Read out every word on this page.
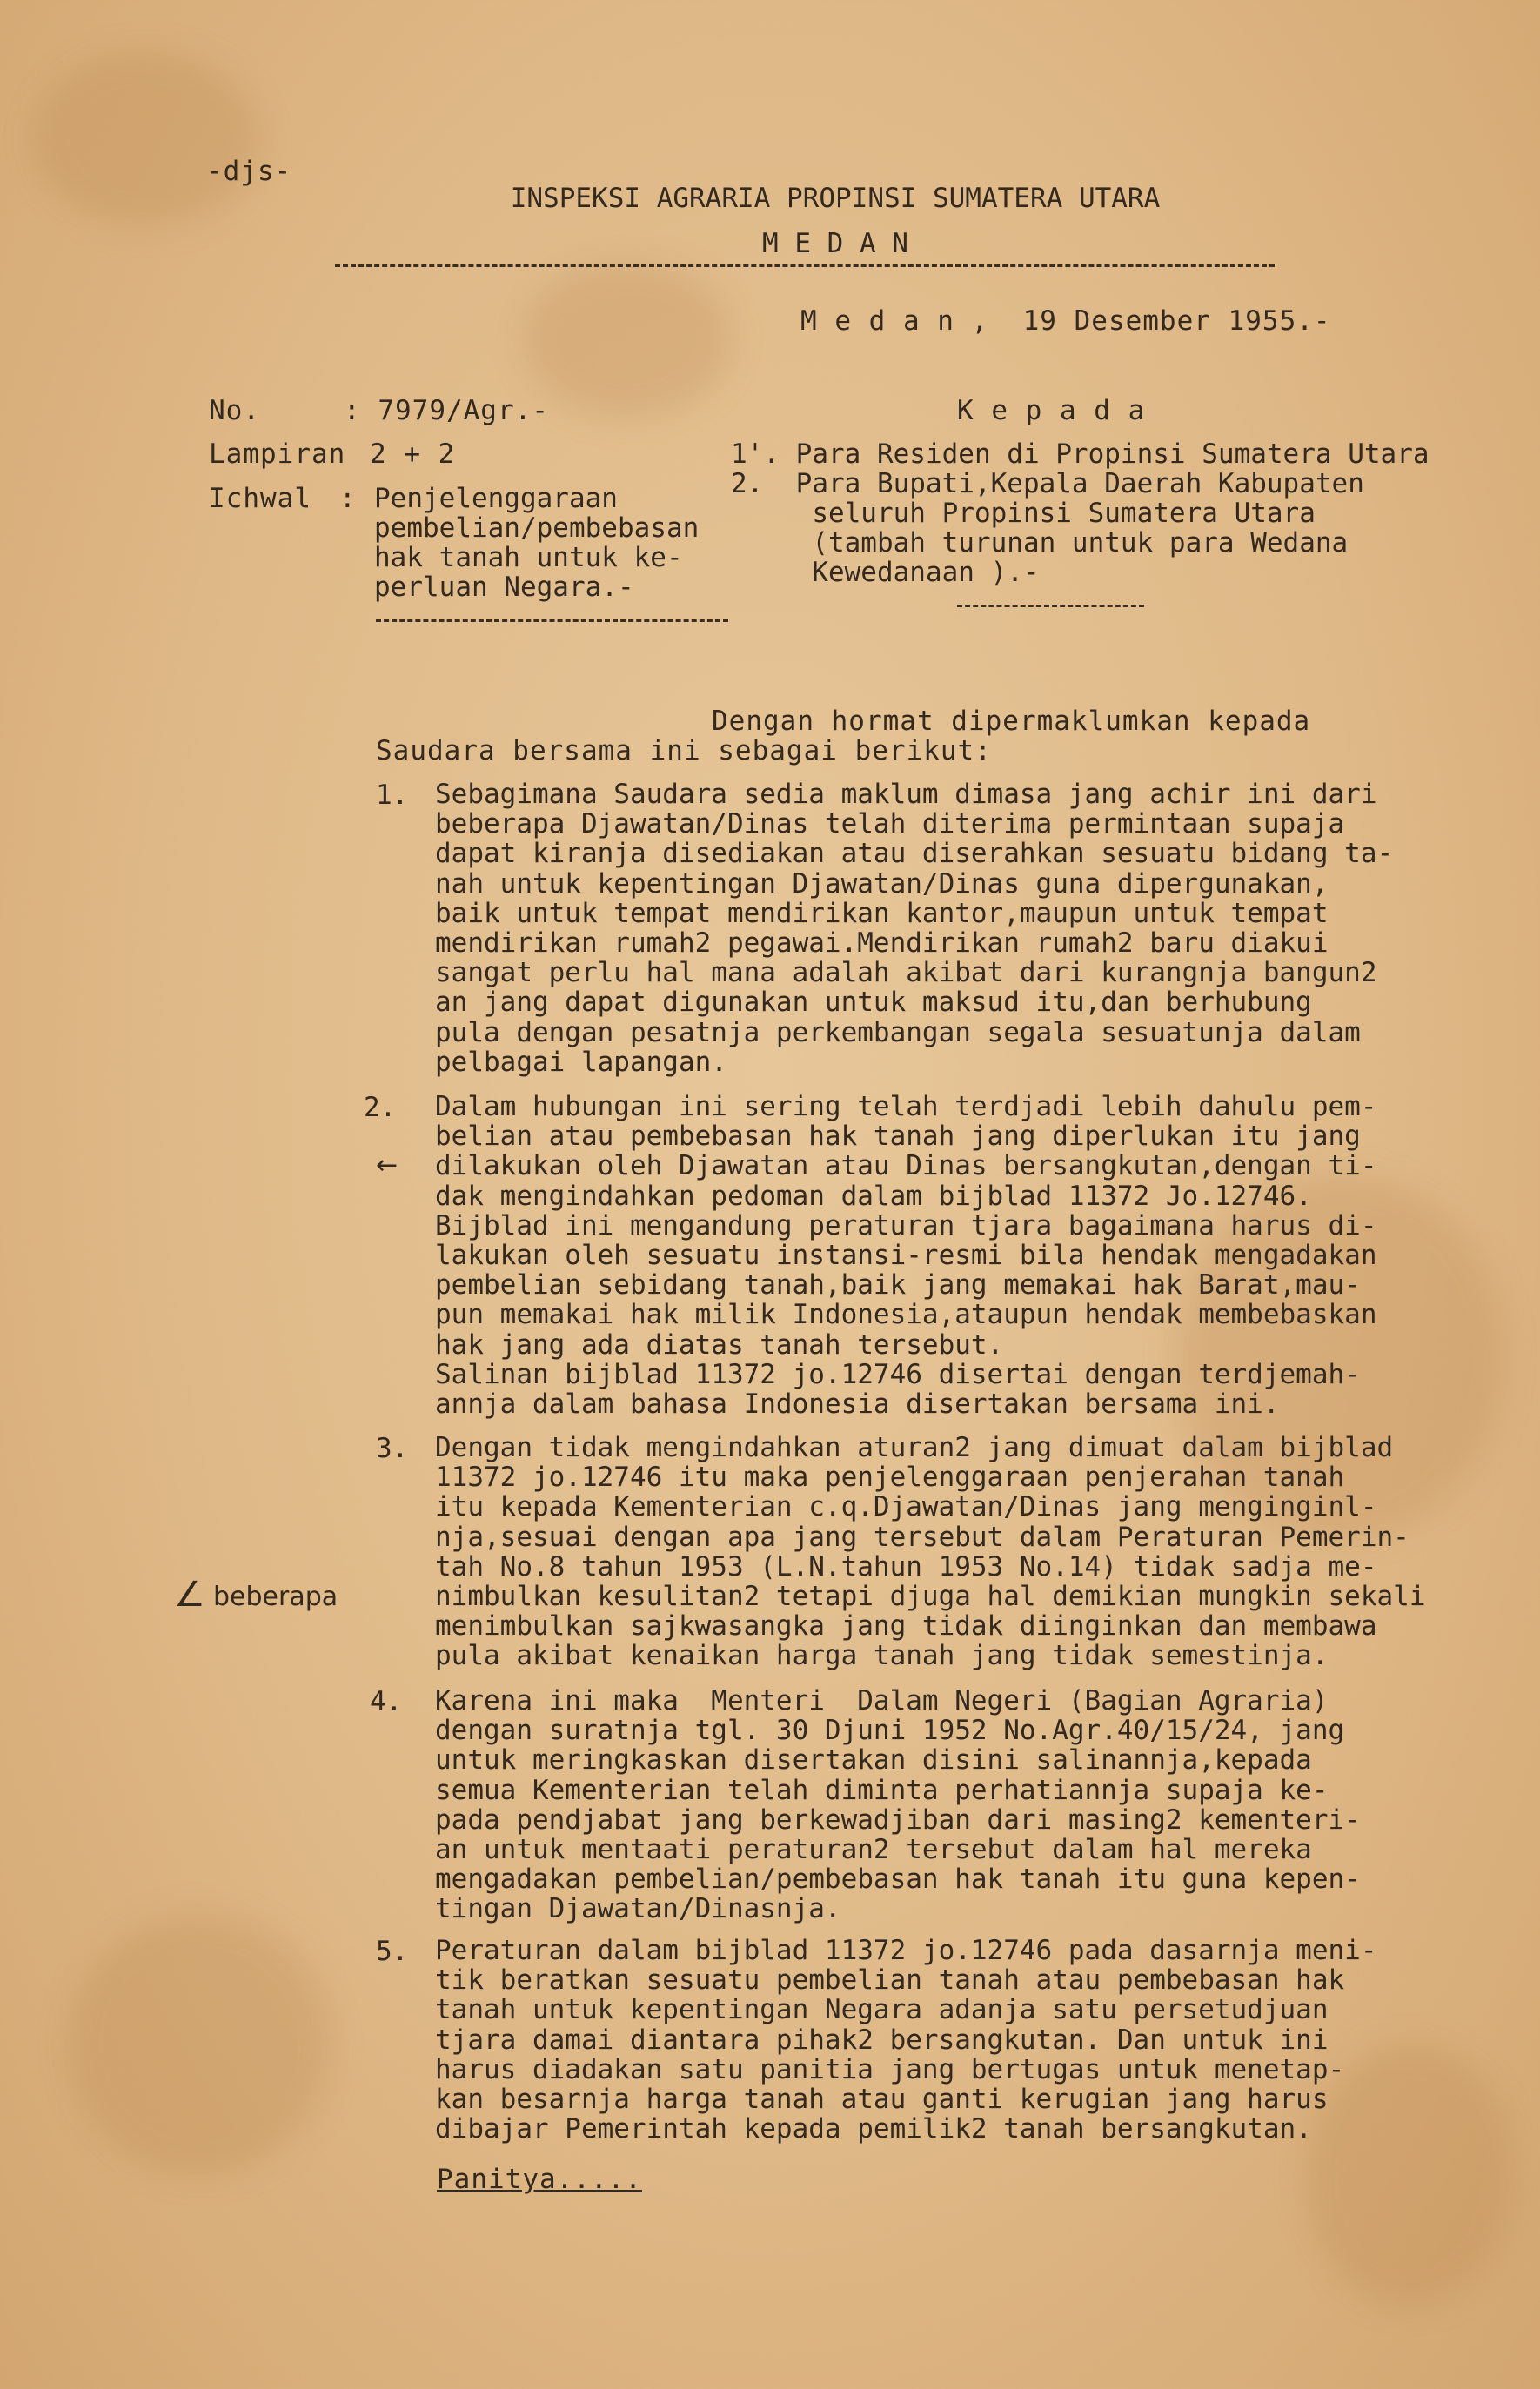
-djs-
INSPEKSI AGRARIA PROPINSI SUMATERA UTARA
M E D A N
M e d a n ,  19 Desember 1955.-
No.	: 7979/Agr.-
Lampiran 2 + 2
Ichwal : Penjelenggaraan
pembelian/pembebasan
hak tanah untuk ke-
perluan Negara.-
K e p a d a
1'. Para Residen di Propinsi Sumatera Utara
2.  Para Bupati,Kepala Daerah Kabupaten
seluruh Propinsi Sumatera Utara
(tambah turunan untuk para Wedana
Kewedanaan ).-
Dengan hormat dipermaklumkan kepada
Saudara bersama ini sebagai berikut:
1. Sebagimana Saudara sedia maklum dimasa jang achir ini dari
beberapa Djawatan/Dinas telah diterima permintaan supaja
dapat kiranja disediakan atau diserahkan sesuatu bidang ta-
nah untuk kepentingan Djawatan/Dinas guna dipergunakan,
baik untuk tempat mendirikan kantor,maupun untuk tempat
mendirikan rumah2 pegawai.Mendirikan rumah2 baru diakui
sangat perlu hal mana adalah akibat dari kurangnja bangun2
an jang dapat digunakan untuk maksud itu,dan berhubung
pula dengan pesatnja perkembangan segala sesuatunja dalam
pelbagai lapangan.
2.
←
Dalam hubungan ini sering telah terdjadi lebih dahulu pem-
belian atau pembebasan hak tanah jang diperlukan itu jang
dilakukan oleh Djawatan atau Dinas bersangkutan,dengan ti-
dak mengindahkan pedoman dalam bijblad 11372 Jo.12746.
Bijblad ini mengandung peraturan tjara bagaimana harus di-
lakukan oleh sesuatu instansi-resmi bila hendak mengadakan
pembelian sebidang tanah,baik jang memakai hak Barat,mau-
pun memakai hak milik Indonesia,ataupun hendak membebaskan
hak jang ada diatas tanah tersebut.
Salinan bijblad 11372 jo.12746 disertai dengan terdjemah-
annja dalam bahasa Indonesia disertakan bersama ini.
3. Dengan tidak mengindahkan aturan2 jang dimuat dalam bijblad
11372 jo.12746 itu maka penjelenggaraan penjerahan tanah
itu kepada Kementerian c.q.Djawatan/Dinas jang menginginl-
nja,sesuai dengan apa jang tersebut dalam Peraturan Pemerin-
tah No.8 tahun 1953 (L.N.tahun 1953 No.14) tidak sadja me-
nimbulkan kesulitan2 tetapi djuga hal demikian mungkin sekali
menimbulkan sajkwasangka jang tidak diinginkan dan membawa
pula akibat kenaikan harga tanah jang tidak semestinja.
∠ beberapa
4. Karena ini maka  Menteri  Dalam Negeri (Bagian Agraria)
dengan suratnja tgl. 30 Djuni 1952 No.Agr.40/15/24, jang
untuk meringkaskan disertakan disini salinannja,kepada
semua Kementerian telah diminta perhatiannja supaja ke-
pada pendjabat jang berkewadjiban dari masing2 kementeri-
an untuk mentaati peraturan2 tersebut dalam hal mereka
mengadakan pembelian/pembebasan hak tanah itu guna kepen-
tingan Djawatan/Dinasnja.
5. Peraturan dalam bijblad 11372 jo.12746 pada dasarnja meni-
tik beratkan sesuatu pembelian tanah atau pembebasan hak
tanah untuk kepentingan Negara adanja satu persetudjuan
tjara damai diantara pihak2 bersangkutan. Dan untuk ini
harus diadakan satu panitia jang bertugas untuk menetap-
kan besarnja harga tanah atau ganti kerugian jang harus
dibajar Pemerintah kepada pemilik2 tanah bersangkutan.
Panitya.....
